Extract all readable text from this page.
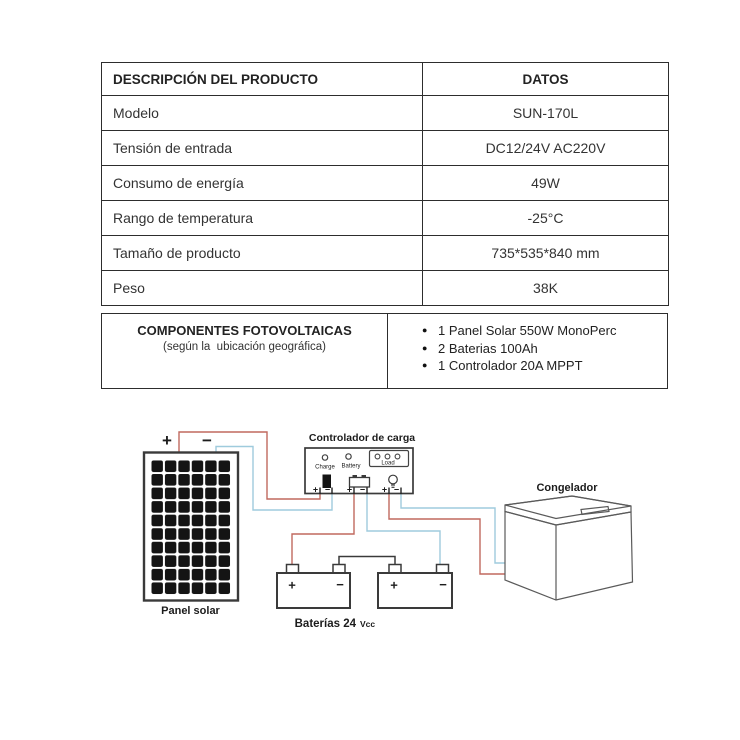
DESCRIPCIÓN DEL PRODUCTO	DATOS
Modelo	SUN-170L
Tensión de entrada	DC12/24V AC220V
Consumo de energía	49W
Rango de temperatura	-25°C
Tamaño de producto	735*535*840 mm
Peso	38K
COMPONENTES FOTOVOLTAICAS
(según la  ubicación geográfica)
● 1 Panel Solar 550W MonoPerc
● 2 Baterias 100Ah
● 1 Controlador 20A MPPT
+ −
Panel solar
Controlador de carga
Charge Battery	Load
+ − + − + −
+	−	+	−
Baterías 24 Vcc
Congelador
